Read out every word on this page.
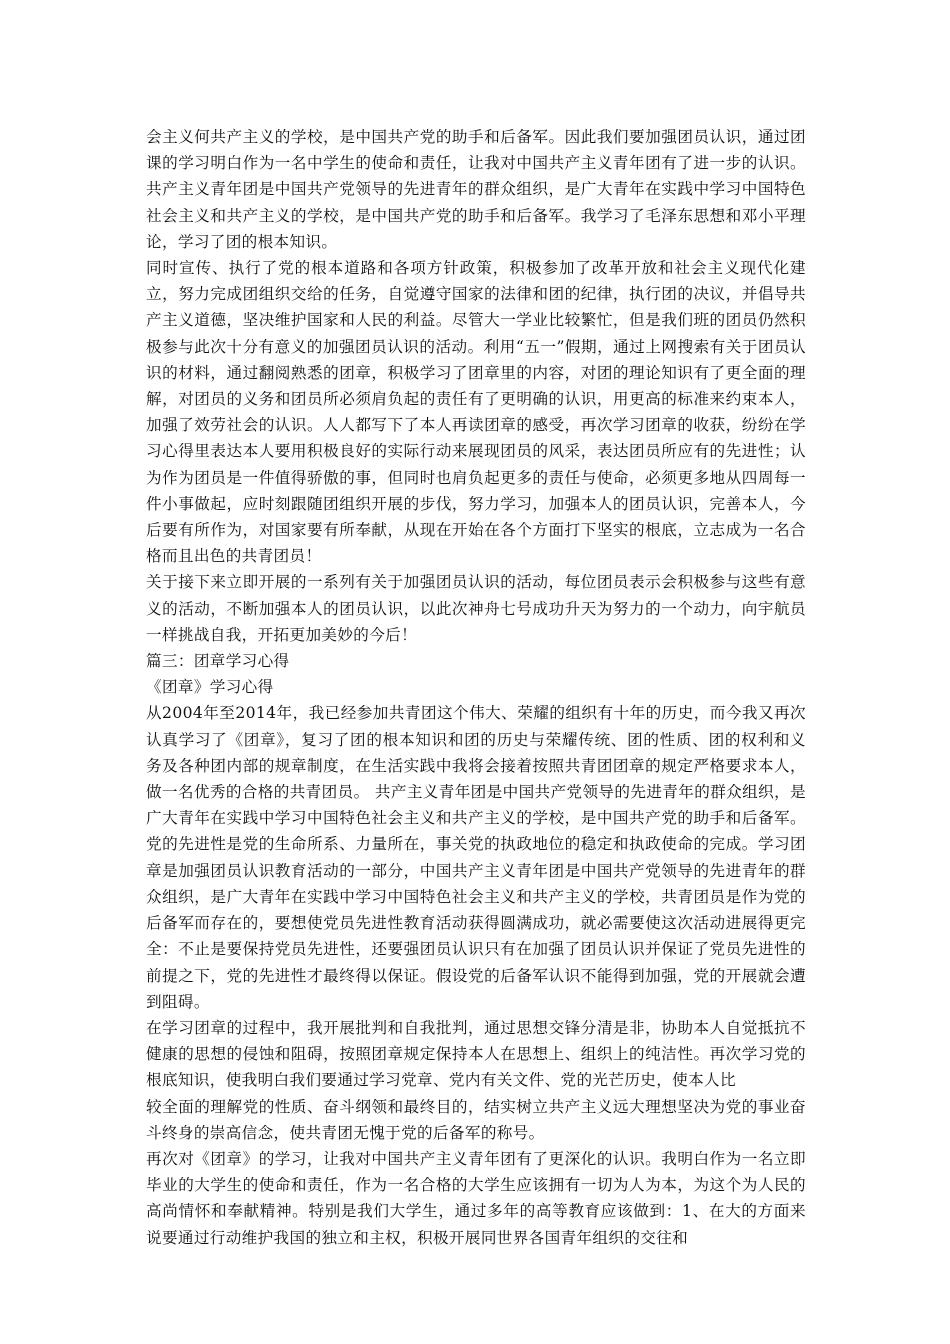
会主义何共产主义的学校，是中国共产党的助手和后备军。因此我们要加强团员认识，通过团课的学习明白作为一名中学生的使命和责任，让我对中国共产主义青年团有了进一步的认识。共产主义青年团是中国共产党领导的先进青年的群众组织，是广大青年在实践中学习中国特色社会主义和共产主义的学校，是中国共产党的助手和后备军。我学习了毛泽东思想和邓小平理论，学习了团的根本知识。

同时宣传、执行了党的根本道路和各项方针政策，积极参加了改革开放和社会主义现代化建立，努力完成团组织交给的任务，自觉遵守国家的法律和团的纪律，执行团的决议，并倡导共产主义道德，坚决维护国家和人民的利益。尽管大一学业比较繁忙，但是我们班的团员仍然积极参与此次十分有意义的加强团员认识的活动。利用“五一”假期，通过上网搜索有关于团员认识的材料，通过翻阅熟悉的团章，积极学习了团章里的内容，对团的理论知识有了更全面的理解，对团员的义务和团员所必须肩负起的责任有了更明确的认识，用更高的标准来约束本人，加强了效劳社会的认识。人人都写下了本人再读团章的感受，再次学习团章的收获，纷纷在学习心得里表达本人要用积极良好的实际行动来展现团员的风采，表达团员所应有的先进性；认为作为团员是一件值得骄傲的事，但同时也肩负起更多的责任与使命，必须更多地从四周每一件小事做起，应时刻跟随团组织开展的步伐，努力学习，加强本人的团员认识，完善本人，今后要有所作为，对国家要有所奉献，从现在开始在各个方面打下坚实的根底，立志成为一名合格而且出色的共青团员！

关于接下来立即开展的一系列有关于加强团员认识的活动，每位团员表示会积极参与这些有意义的活动，不断加强本人的团员认识，以此次神舟七号成功升天为努力的一个动力，向宇航员一样挑战自我，开拓更加美妙的今后！

篇三：团章学习心得

《团章》学习心得

从2004年至2014年，我已经参加共青团这个伟大、荣耀的组织有十年的历史，而今我又再次认真学习了《团章》，复习了团的根本知识和团的历史与荣耀传统、团的性质、团的权利和义务及各种团内部的规章制度，在生活实践中我将会接着按照共青团团章的规定严格要求本人，做一名优秀的合格的共青团员。 共产主义青年团是中国共产党领导的先进青年的群众组织，是广大青年在实践中学习中国特色社会主义和共产主义的学校，是中国共产党的助手和后备军。党的先进性是党的生命所系、力量所在，事关党的执政地位的稳定和执政使命的完成。学习团章是加强团员认识教育活动的一部分，中国共产主义青年团是中国共产党领导的先进青年的群众组织，是广大青年在实践中学习中国特色社会主义和共产主义的学校，共青团员是作为党的后备军而存在的，要想使党员先进性教育活动获得圆满成功，就必需要使这次活动进展得更完全：不止是要保持党员先进性，还要强团员认识只有在加强了团员认识并保证了党员先进性的前提之下，党的先进性才最终得以保证。假设党的后备军认识不能得到加强，党的开展就会遭到阻碍。

在学习团章的过程中，我开展批判和自我批判，通过思想交锋分清是非，协助本人自觉抵抗不健康的思想的侵蚀和阻碍，按照团章规定保持本人在思想上、组织上的纯洁性。再次学习党的根底知识，使我明白我们要通过学习党章、党内有关文件、党的光芒历史，使本人比

较全面的理解党的性质、奋斗纲领和最终目的，结实树立共产主义远大理想坚决为党的事业奋斗终身的崇高信念，使共青团无愧于党的后备军的称号。

再次对《团章》的学习，让我对中国共产主义青年团有了更深化的认识。我明白作为一名立即毕业的大学生的使命和责任，作为一名合格的大学生应该拥有一切为人为本，为这个为人民的高尚情怀和奉献精神。特别是我们大学生，通过多年的高等教育应该做到：1、在大的方面来说要通过行动维护我国的独立和主权，积极开展同世界各国青年组织的交往和
